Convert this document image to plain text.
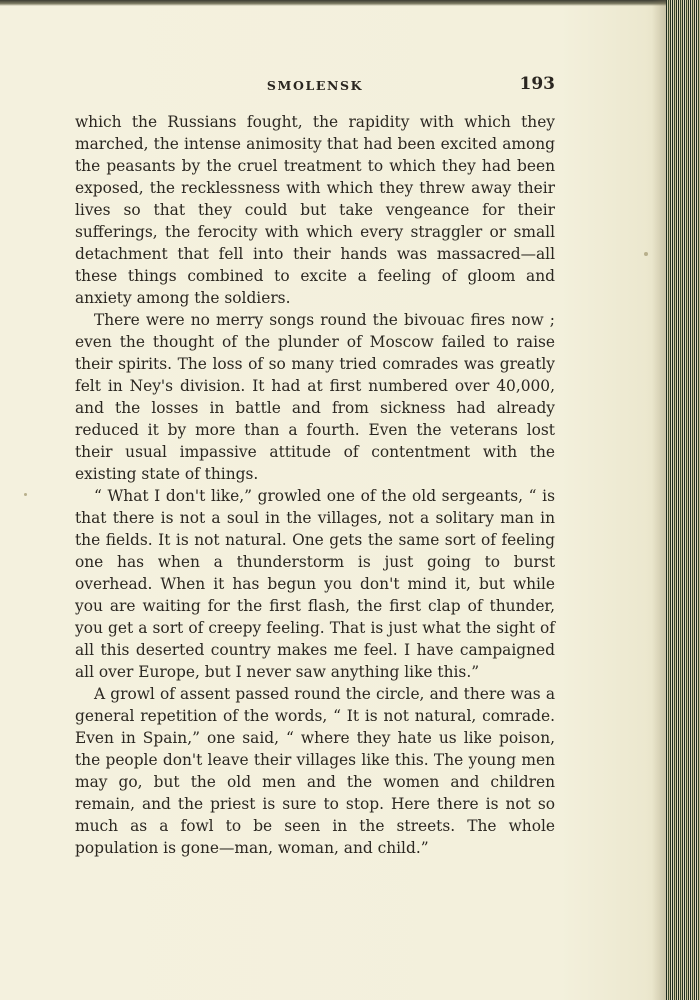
SMOLENSK	193

which the Russians fought, the rapidity with which they marched, the intense animosity that had been excited among the peasants by the cruel treatment to which they had been exposed, the recklessness with which they threw away their lives so that they could but take vengeance for their sufferings, the ferocity with which every straggler or small detachment that fell into their hands was massacred—all these things combined to excite a feeling of gloom and anxiety among the soldiers.

There were no merry songs round the bivouac fires now ; even the thought of the plunder of Moscow failed to raise their spirits. The loss of so many tried comrades was greatly felt in Ney's division. It had at first numbered over 40,000, and the losses in battle and from sickness had already reduced it by more than a fourth. Even the veterans lost their usual impassive attitude of contentment with the existing state of things.

“ What I don't like,” growled one of the old sergeants, “ is that there is not a soul in the villages, not a solitary man in the fields. It is not natural. One gets the same sort of feeling one has when a thunderstorm is just going to burst overhead. When it has begun you don't mind it, but while you are waiting for the first flash, the first clap of thunder, you get a sort of creepy feeling. That is just what the sight of all this deserted country makes me feel. I have campaigned all over Europe, but I never saw anything like this.”

A growl of assent passed round the circle, and there was a general repetition of the words, “ It is not natural, comrade. Even in Spain,” one said, “ where they hate us like poison, the people don't leave their villages like this. The young men may go, but the old men and the women and children remain, and the priest is sure to stop. Here there is not so much as a fowl to be seen in the streets. The whole population is gone—man, woman, and child.”
